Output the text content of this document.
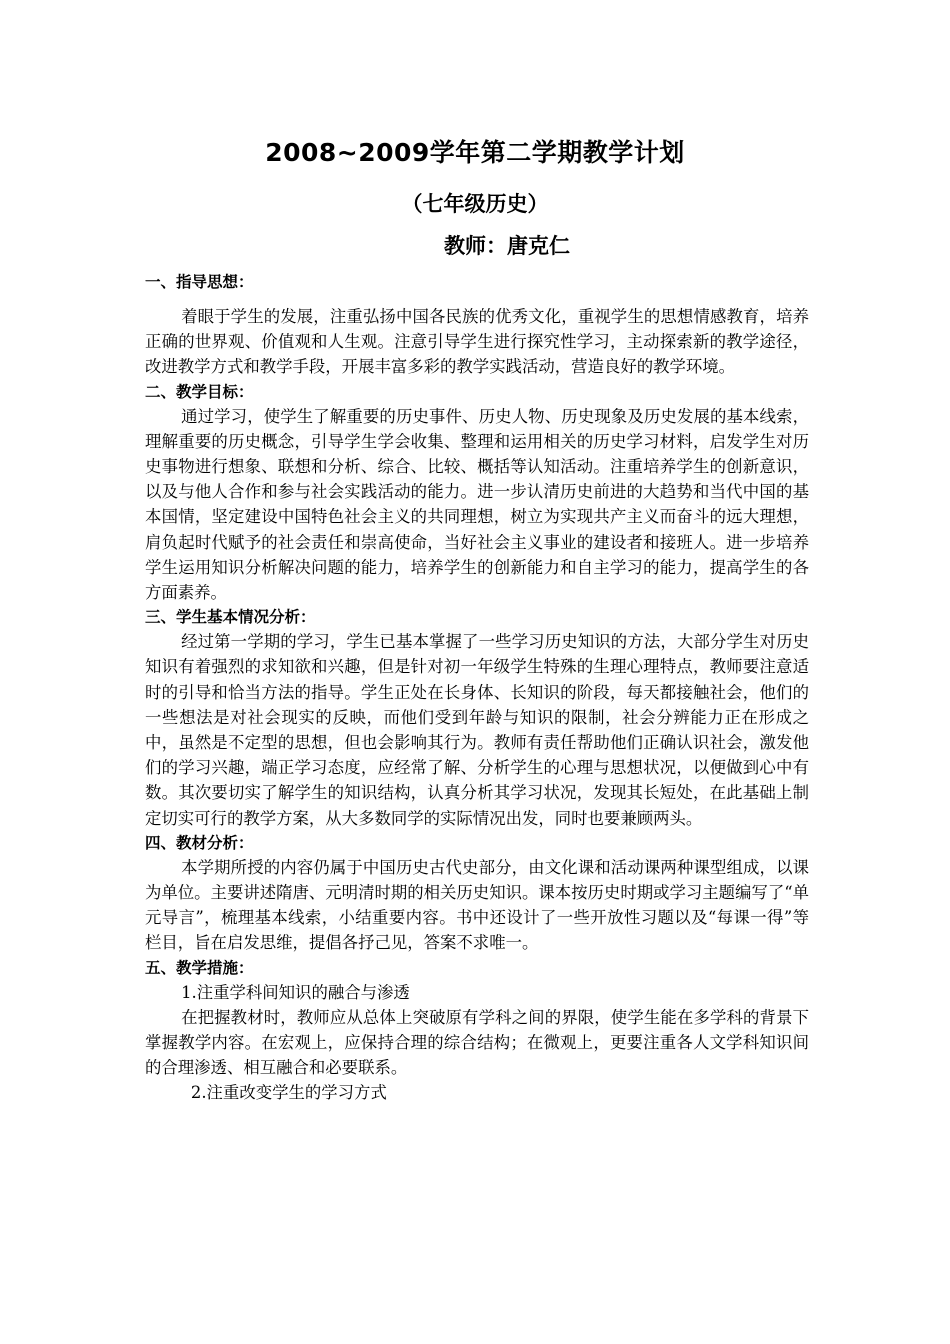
2008~2009学年第二学期教学计划
（七年级历史）
教师：唐克仁

一、指导思想：

着眼于学生的发展，注重弘扬中国各民族的优秀文化，重视学生的思想情感教育，培养正确的世界观、价值观和人生观。注意引导学生进行探究性学习，主动探索新的教学途径，改进教学方式和教学手段，开展丰富多彩的教学实践活动，营造良好的教学环境。

二、教学目标：

通过学习，使学生了解重要的历史事件、历史人物、历史现象及历史发展的基本线索，理解重要的历史概念，引导学生学会收集、整理和运用相关的历史学习材料，启发学生对历史事物进行想象、联想和分析、综合、比较、概括等认知活动。注重培养学生的创新意识，以及与他人合作和参与社会实践活动的能力。进一步认清历史前进的大趋势和当代中国的基本国情，坚定建设中国特色社会主义的共同理想，树立为实现共产主义而奋斗的远大理想，肩负起时代赋予的社会责任和崇高使命，当好社会主义事业的建设者和接班人。进一步培养学生运用知识分析解决问题的能力，培养学生的创新能力和自主学习的能力，提高学生的各方面素养。

三、学生基本情况分析：

经过第一学期的学习，学生已基本掌握了一些学习历史知识的方法，大部分学生对历史知识有着强烈的求知欲和兴趣，但是针对初一年级学生特殊的生理心理特点，教师要注意适时的引导和恰当方法的指导。学生正处在长身体、长知识的阶段，每天都接触社会，他们的一些想法是对社会现实的反映，而他们受到年龄与知识的限制，社会分辨能力正在形成之中，虽然是不定型的思想，但也会影响其行为。教师有责任帮助他们正确认识社会，激发他们的学习兴趣，端正学习态度，应经常了解、分析学生的心理与思想状况，以便做到心中有数。其次要切实了解学生的知识结构，认真分析其学习状况，发现其长短处，在此基础上制定切实可行的教学方案，从大多数同学的实际情况出发，同时也要兼顾两头。

四、教材分析：

本学期所授的内容仍属于中国历史古代史部分，由文化课和活动课两种课型组成，以课为单位。主要讲述隋唐、元明清时期的相关历史知识。课本按历史时期或学习主题编写了“单元导言”，梳理基本线索，小结重要内容。书中还设计了一些开放性习题以及“每课一得”等栏目，旨在启发思维，提倡各抒己见，答案不求唯一。

五、教学措施：

1.注重学科间知识的融合与渗透

在把握教材时，教师应从总体上突破原有学科之间的界限，使学生能在多学科的背景下掌握教学内容。在宏观上，应保持合理的综合结构；在微观上，更要注重各人文学科知识间的合理渗透、相互融合和必要联系。

2.注重改变学生的学习方式
